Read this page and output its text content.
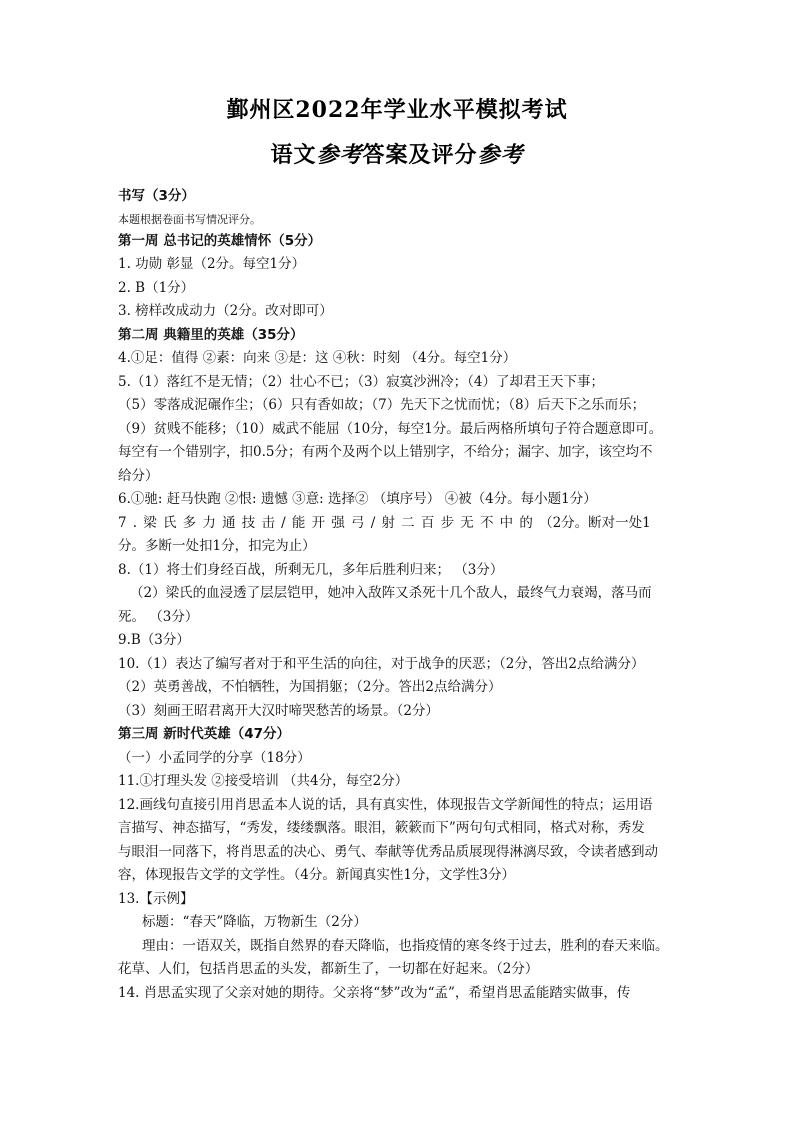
鄞州区2022年学业水平模拟考试
语文参考答案及评分参考
书写（3分）
本题根据卷面书写情况评分。
第一周 总书记的英雄情怀（5分）
1. 功勋 彰显（2分。每空1分）
2. B（1分）
3. 榜样改成动力（2分。改对即可）
第二周 典籍里的英雄（35分）
4.①足：值得 ②素：向来 ③是：这 ④秋：时刻 （4分。每空1分）
5.（1）落红不是无情；（2）壮心不已；（3）寂寞沙洲冷；（4）了却君王天下事；
（5）零落成泥碾作尘；（6）只有香如故；（7）先天下之忧而忧；（8）后天下之乐而乐；
（9）贫贱不能移；（10）威武不能屈（10分，每空1分。最后两格所填句子符合题意即可。
每空有一个错别字，扣0.5分；有两个及两个以上错别字，不给分；漏字、加字，该空均不
给分）
6.①驰: 赶马快跑 ②恨: 遗憾 ③意: 选择② （填序号） ④被（4分。每小题1分）
7.梁氏多力通技击/能开强弓/射二百步无不中的（2分。断对一处1
分。多断一处扣1分，扣完为止）
8.（1）将士们身经百战，所剩无几，多年后胜利归来； （3分）
（2）梁氏的血浸透了层层铠甲，她冲入敌阵又杀死十几个敌人，最终气力衰竭，落马而
死。 （3分）
9.B（3分）
10.（1）表达了编写者对于和平生活的向往，对于战争的厌恶；（2分，答出2点给满分）
（2）英勇善战，不怕牺牲，为国捐躯；（2分。答出2点给满分）
（3）刻画王昭君离开大汉时啼哭愁苦的场景。（2分）
第三周 新时代英雄（47分）
（一）小孟同学的分享（18分）
11.①打理头发 ②接受培训 （共4分，每空2分）
12.画线句直接引用肖思孟本人说的话，具有真实性，体现报告文学新闻性的特点；运用语
言描写、神态描写，“秀发，缕缕飘落。眼泪，簌簌而下”两句句式相同，格式对称，秀发
与眼泪一同落下，将肖思孟的决心、勇气、奉献等优秀品质展现得淋漓尽致，令读者感到动
容，体现报告文学的文学性。（4分。新闻真实性1分，文学性3分）
13.【示例】
标题：“春天”降临，万物新生（2分）
理由：一语双关，既指自然界的春天降临，也指疫情的寒冬终于过去，胜利的春天来临。
花草、人们，包括肖思孟的头发，都新生了，一切都在好起来。（2分）
14. 肖思孟实现了父亲对她的期待。父亲将“梦”改为“孟”，希望肖思孟能踏实做事，传
